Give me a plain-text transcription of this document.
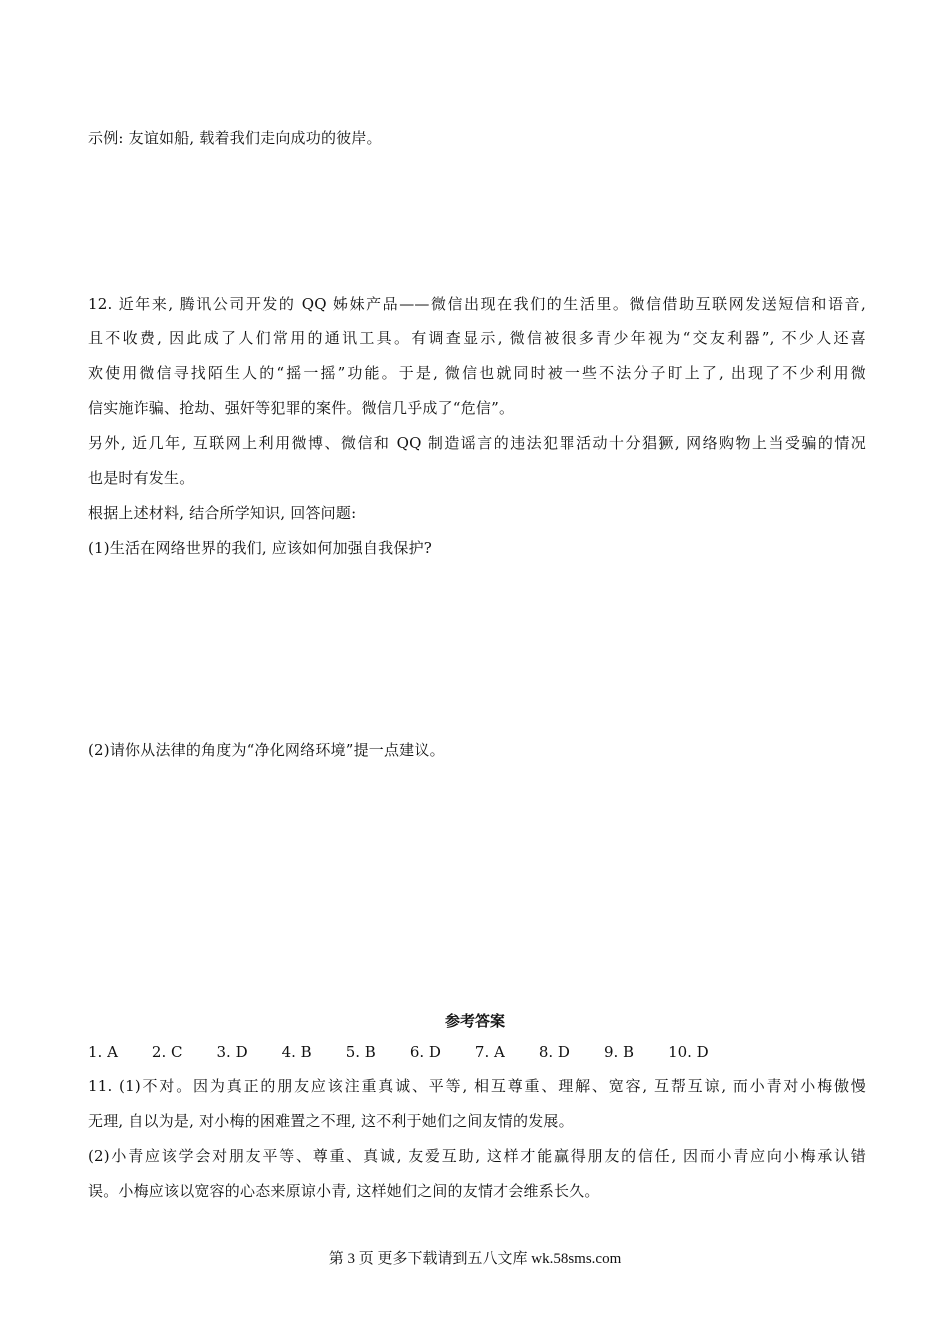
示例: 友谊如船, 载着我们走向成功的彼岸。
12. 近年来, 腾讯公司开发的 QQ 姊妹产品——微信出现在我们的生活里。微信借助互联网发送短信和语音,
且不收费, 因此成了人们常用的通讯工具。有调查显示, 微信被很多青少年视为“交友利器”, 不少人还喜
欢使用微信寻找陌生人的“摇一摇”功能。于是, 微信也就同时被一些不法分子盯上了, 出现了不少利用微
信实施诈骗、抢劫、强奸等犯罪的案件。微信几乎成了“危信”。
另外, 近几年, 互联网上利用微博、微信和 QQ 制造谣言的违法犯罪活动十分猖獗, 网络购物上当受骗的情况
也是时有发生。
根据上述材料, 结合所学知识, 回答问题:
(1)生活在网络世界的我们, 应该如何加强自我保护?
(2)请你从法律的角度为“净化网络环境”提一点建议。
参考答案
1. A 2. C 3. D 4. B 5. B 6. D 7. A 8. D 9. B 10. D
11. (1)不对。因为真正的朋友应该注重真诚、平等, 相互尊重、理解、宽容, 互帮互谅, 而小青对小梅傲慢
无理, 自以为是, 对小梅的困难置之不理, 这不利于她们之间友情的发展。
(2)小青应该学会对朋友平等、尊重、真诚, 友爱互助, 这样才能赢得朋友的信任, 因而小青应向小梅承认错
误。小梅应该以宽容的心态来原谅小青, 这样她们之间的友情才会维系长久。
第 3 页 更多下载请到五八文库 wk.58sms.com
